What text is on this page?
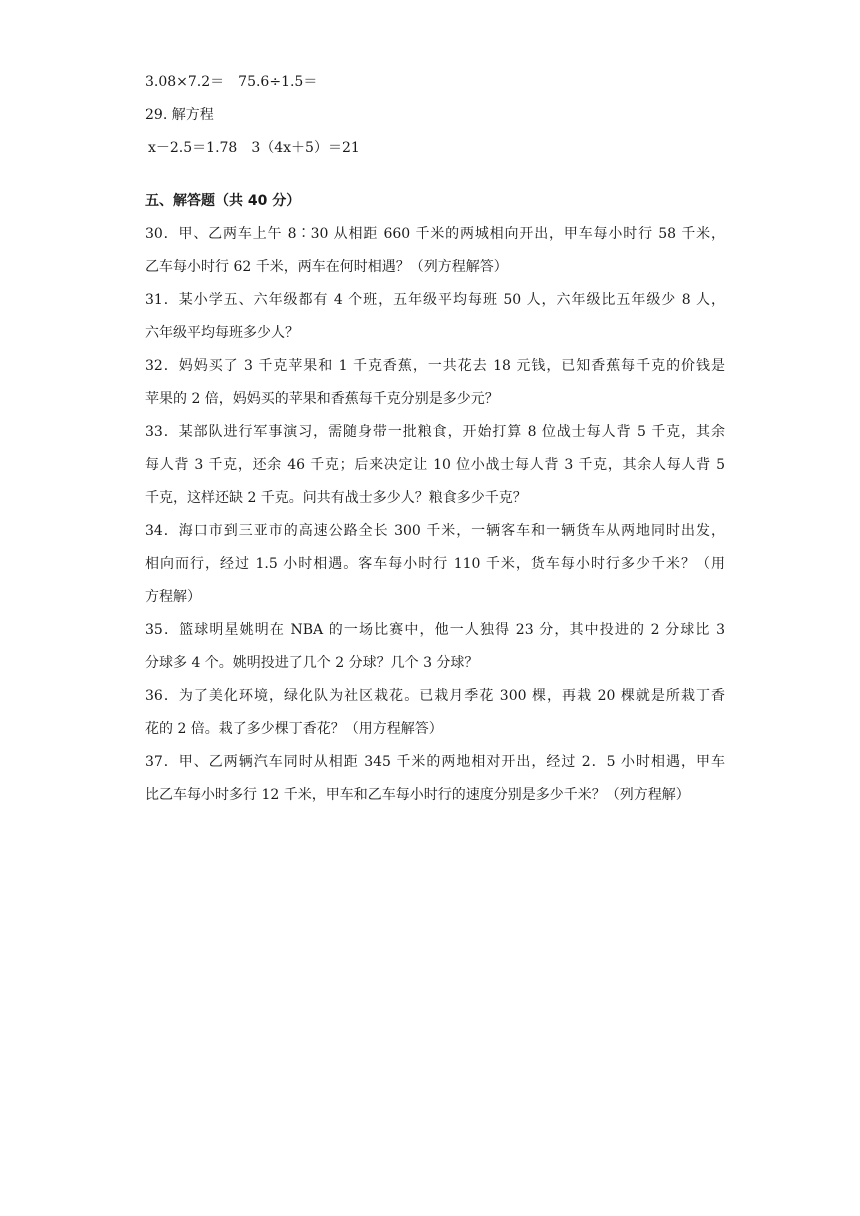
3.08×7.2＝ 75.6÷1.5＝
29. 解方程
x－2.5＝1.78 3（4x＋5）＝21
五、解答题（共 40 分）
30．甲、乙两车上午 8∶30 从相距 660 千米的两城相向开出，甲车每小时行 58 千米，
乙车每小时行 62 千米，两车在何时相遇？（列方程解答）
31．某小学五、六年级都有 4 个班，五年级平均每班 50 人，六年级比五年级少 8 人，
六年级平均每班多少人？
32．妈妈买了 3 千克苹果和 1 千克香蕉，一共花去 18 元钱，已知香蕉每千克的价钱是
苹果的 2 倍，妈妈买的苹果和香蕉每千克分别是多少元？
33．某部队进行军事演习，需随身带一批粮食，开始打算 8 位战士每人背 5 千克，其余
每人背 3 千克，还余 46 千克；后来决定让 10 位小战士每人背 3 千克，其余人每人背 5
千克，这样还缺 2 千克。问共有战士多少人？粮食多少千克？
34．海口市到三亚市的高速公路全长 300 千米，一辆客车和一辆货车从两地同时出发，
相向而行，经过 1.5 小时相遇。客车每小时行 110 千米，货车每小时行多少千米？（用
方程解）
35．篮球明星姚明在 NBA 的一场比赛中，他一人独得 23 分，其中投进的 2 分球比 3
分球多 4 个。姚明投进了几个 2 分球？几个 3 分球？
36．为了美化环境，绿化队为社区栽花。已栽月季花 300 棵，再栽 20 棵就是所栽丁香
花的 2 倍。栽了多少棵丁香花？（用方程解答）
37．甲、乙两辆汽车同时从相距 345 千米的两地相对开出，经过 2．5 小时相遇，甲车
比乙车每小时多行 12 千米，甲车和乙车每小时行的速度分别是多少千米？（列方程解）
